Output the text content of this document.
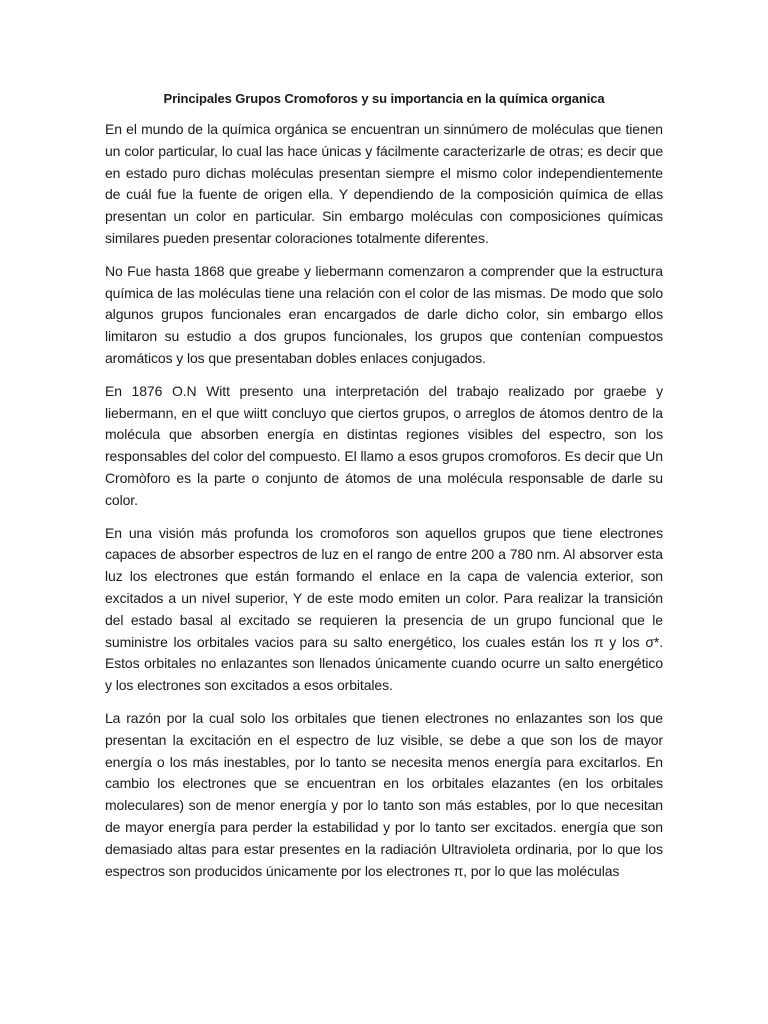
Principales Grupos Cromoforos y su importancia en la química organica

En el mundo de la química orgánica se encuentran un sinnúmero de moléculas que tienen un color particular, lo cual las hace únicas y fácilmente caracterizarle de otras; es decir que en estado puro dichas moléculas presentan siempre el mismo color independientemente de cuál fue la fuente de origen ella. Y dependiendo de la composición química de ellas presentan un color en particular. Sin embargo moléculas con composiciones químicas similares pueden presentar coloraciones totalmente diferentes.

No Fue hasta 1868 que greabe y liebermann comenzaron a comprender que la estructura química de las moléculas tiene una relación con el color de las mismas. De modo que solo algunos grupos funcionales eran encargados de darle dicho color, sin embargo ellos limitaron su estudio a dos grupos funcionales, los grupos que contenían compuestos aromáticos y los que presentaban dobles enlaces conjugados.

En 1876 O.N Witt presento una interpretación del trabajo realizado por graebe y liebermann, en el que wiitt concluyo que ciertos grupos, o arreglos de átomos dentro de la molécula que absorben energía en distintas regiones visibles del espectro, son los responsables del color del compuesto. El llamo a esos grupos cromoforos. Es decir que Un Cromòforo es la parte o conjunto de átomos de una molécula responsable de darle su color.

En una visión más profunda los cromoforos son aquellos grupos que tiene electrones capaces de absorber espectros de luz en el rango de entre 200 a 780 nm. Al absorver esta luz los electrones que están formando el enlace en la capa de valencia exterior, son excitados a un nivel superior, Y de este modo emiten un color. Para realizar la transición del estado basal al excitado se requieren la presencia de un grupo funcional que le suministre los orbitales vacios para su salto energético, los cuales están los π y los σ*. Estos orbitales no enlazantes son llenados únicamente cuando ocurre un salto energético y los electrones son excitados a esos orbitales.

La razón por la cual solo los orbitales que tienen electrones no enlazantes son los que presentan la excitación en el espectro de luz visible, se debe a que son los de mayor energía o los más inestables, por lo tanto se necesita menos energía para excitarlos. En cambio los electrones que se encuentran en los orbitales elazantes (en los orbitales moleculares) son de menor energía y por lo tanto son más estables, por lo que necesitan de mayor energía para perder la estabilidad y por lo tanto ser excitados. energía que son demasiado altas para estar presentes en la radiación Ultravioleta ordinaria, por lo que los espectros son producidos únicamente por los electrones π, por lo que las moléculas
